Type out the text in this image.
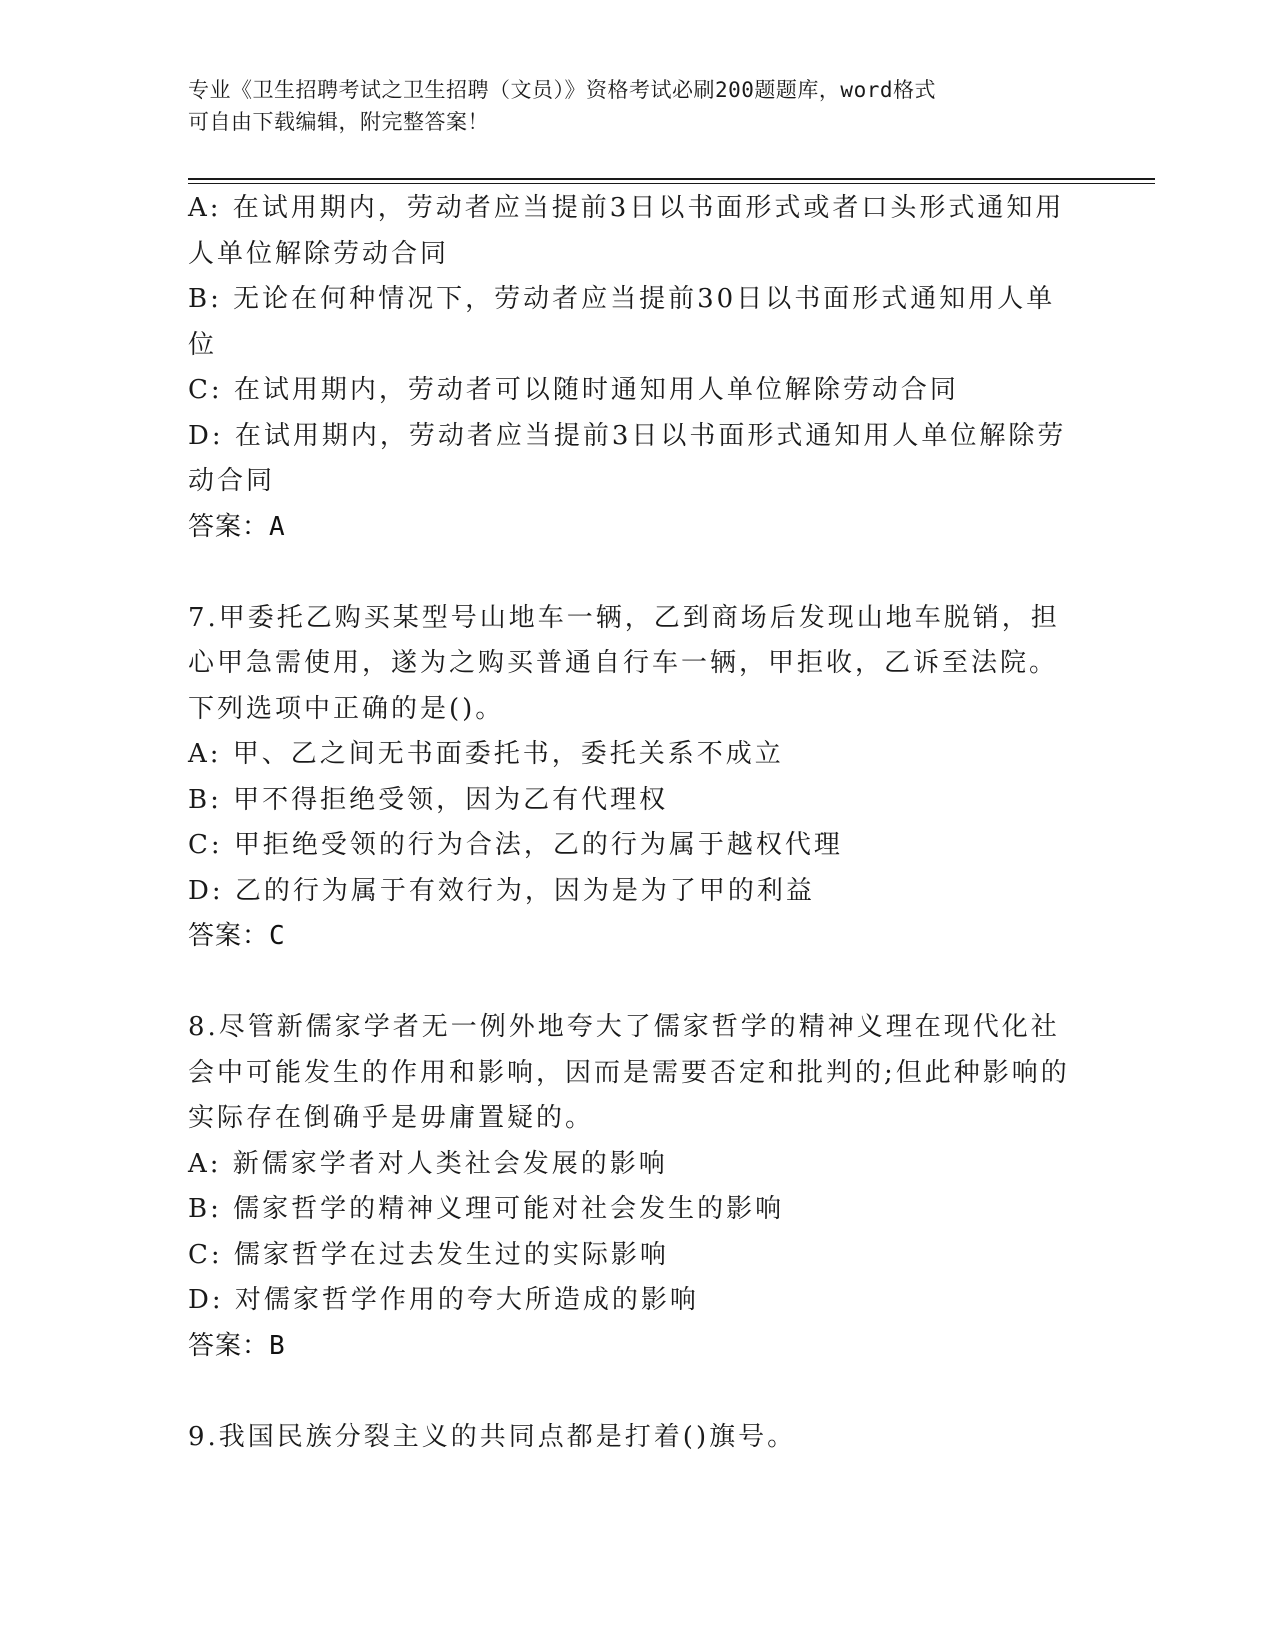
专业《卫生招聘考试之卫生招聘（文员）》资格考试必刷200题题库，word格式
可自由下载编辑，附完整答案！
A: 在试用期内，劳动者应当提前3日以书面形式或者口头形式通知用
人单位解除劳动合同
B: 无论在何种情况下，劳动者应当提前30日以书面形式通知用人单
位
C: 在试用期内，劳动者可以随时通知用人单位解除劳动合同
D: 在试用期内，劳动者应当提前3日以书面形式通知用人单位解除劳
动合同
答案：A
7.甲委托乙购买某型号山地车一辆，乙到商场后发现山地车脱销，担
心甲急需使用，遂为之购买普通自行车一辆，甲拒收，乙诉至法院。
下列选项中正确的是()。
A: 甲、乙之间无书面委托书，委托关系不成立
B: 甲不得拒绝受领，因为乙有代理权
C: 甲拒绝受领的行为合法，乙的行为属于越权代理
D: 乙的行为属于有效行为，因为是为了甲的利益
答案：C
8.尽管新儒家学者无一例外地夸大了儒家哲学的精神义理在现代化社
会中可能发生的作用和影响，因而是需要否定和批判的;但此种影响的
实际存在倒确乎是毋庸置疑的。
A: 新儒家学者对人类社会发展的影响
B: 儒家哲学的精神义理可能对社会发生的影响
C: 儒家哲学在过去发生过的实际影响
D: 对儒家哲学作用的夸大所造成的影响
答案：B
9.我国民族分裂主义的共同点都是打着()旗号。
